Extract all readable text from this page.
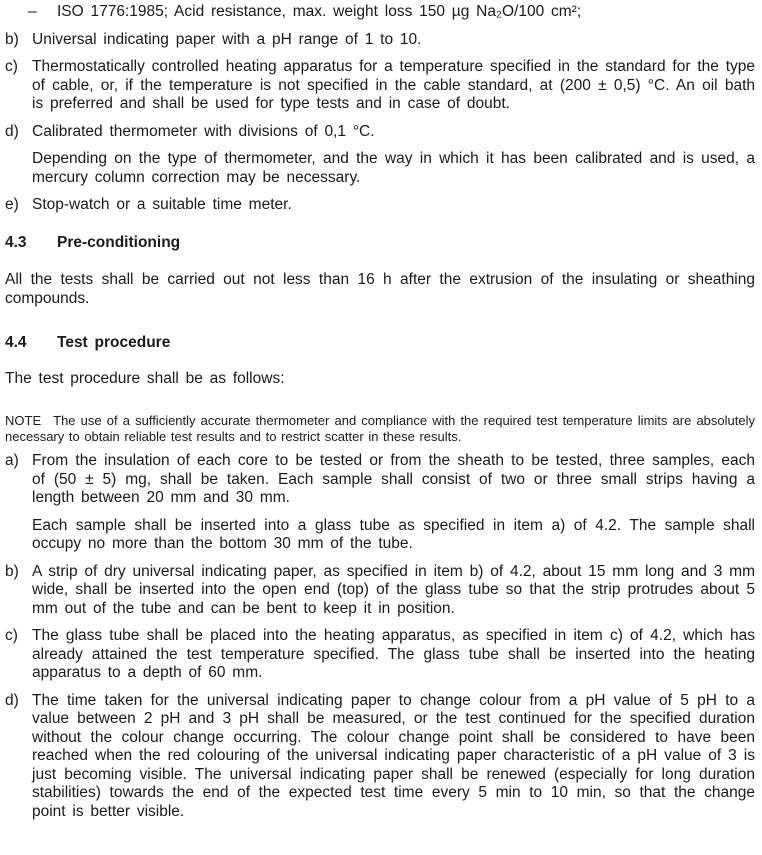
– ISO 1776:1985; Acid resistance, max. weight loss 150 µg Na₂O/100 cm²;
b) Universal indicating paper with a pH range of 1 to 10.

c) Thermostatically controlled heating apparatus for a temperature specified in the standard for the type of cable, or, if the temperature is not specified in the cable standard, at (200 ± 0,5) °C. An oil bath is preferred and shall be used for type tests and in case of doubt.

d) Calibrated thermometer with divisions of 0,1 °C.

Depending on the type of thermometer, and the way in which it has been calibrated and is used, a mercury column correction may be necessary.

e) Stop-watch or a suitable time meter.

4.3 Pre-conditioning

All the tests shall be carried out not less than 16 h after the extrusion of the insulating or sheathing compounds.

4.4 Test procedure

The test procedure shall be as follows:

NOTE The use of a sufficiently accurate thermometer and compliance with the required test temperature limits are absolutely necessary to obtain reliable test results and to restrict scatter in these results.

a) From the insulation of each core to be tested or from the sheath to be tested, three samples, each of (50 ± 5) mg, shall be taken. Each sample shall consist of two or three small strips having a length between 20 mm and 30 mm.

Each sample shall be inserted into a glass tube as specified in item a) of 4.2. The sample shall occupy no more than the bottom 30 mm of the tube.

b) A strip of dry universal indicating paper, as specified in item b) of 4.2, about 15 mm long and 3 mm wide, shall be inserted into the open end (top) of the glass tube so that the strip protrudes about 5 mm out of the tube and can be bent to keep it in position.

c) The glass tube shall be placed into the heating apparatus, as specified in item c) of 4.2, which has already attained the test temperature specified. The glass tube shall be inserted into the heating apparatus to a depth of 60 mm.

d) The time taken for the universal indicating paper to change colour from a pH value of 5 pH to a value between 2 pH and 3 pH shall be measured, or the test continued for the specified duration without the colour change occurring. The colour change point shall be considered to have been reached when the red colouring of the universal indicating paper characteristic of a pH value of 3 is just becoming visible. The universal indicating paper shall be renewed (especially for long duration stabilities) towards the end of the expected test time every 5 min to 10 min, so that the change point is better visible.
